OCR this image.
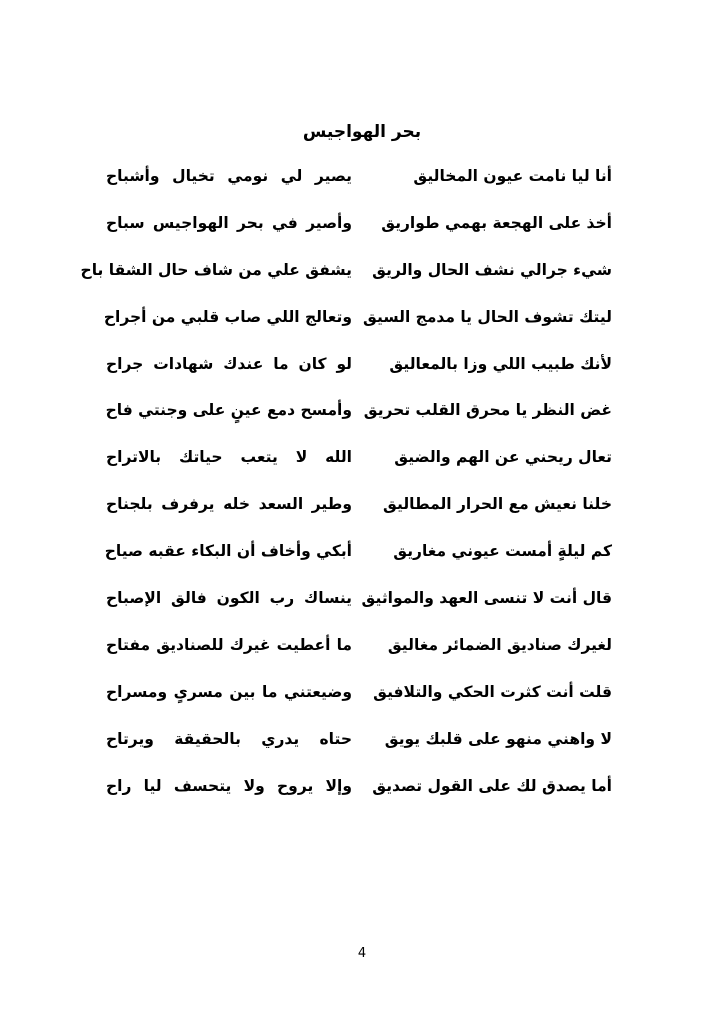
بحر الهواجيس
أنا ليا نامت عيون المخاليق
يصير لي نومي تخيال وأشباح
أخذ على الهجعة بهمي طواريق
وأصير في بحر الهواجيس سباح
شيء جرالي نشف الحال والريق
يشفق علي من شاف حال الشقا باح
ليتك تشوف الحال يا مدمج السيق
وتعالج اللي صاب قلبي من أجراح
لأنك طبيب اللي وزا بالمعاليق
لو كان ما عندك شهادات جراح
غض النظر يا محرق القلب تحريق
وأمسح دمع عينٍ على وجنتي فاح
تعال ريحني عن الهم والضيق
الله لا يتعب حياتك بالاتراح
خلنا نعيش مع الحرار المطاليق
وطير السعد خله يرفرف بلجناح
كم ليلةٍ أمست عيوني مغاريق
أبكي وأخاف أن البكاء عقبه صياح
قال أنت لا تنسى العهد والمواثيق
ينساك رب الكون فالق الإصباح
لغيرك صناديق الضمائر مغاليق
ما أعطيت غيرك للصناديق مفتاح
قلت أنت كثرت الحكي والتلافيق
وضيعتني ما بين مسرىٍ ومسراح
لا واهني منهو على قلبك يويق
حتاه يدري بالحقيقة ويرتاح
أما يصدق لك على القول تصديق
وإلا يروح ولا يتحسف ليا راح
4
